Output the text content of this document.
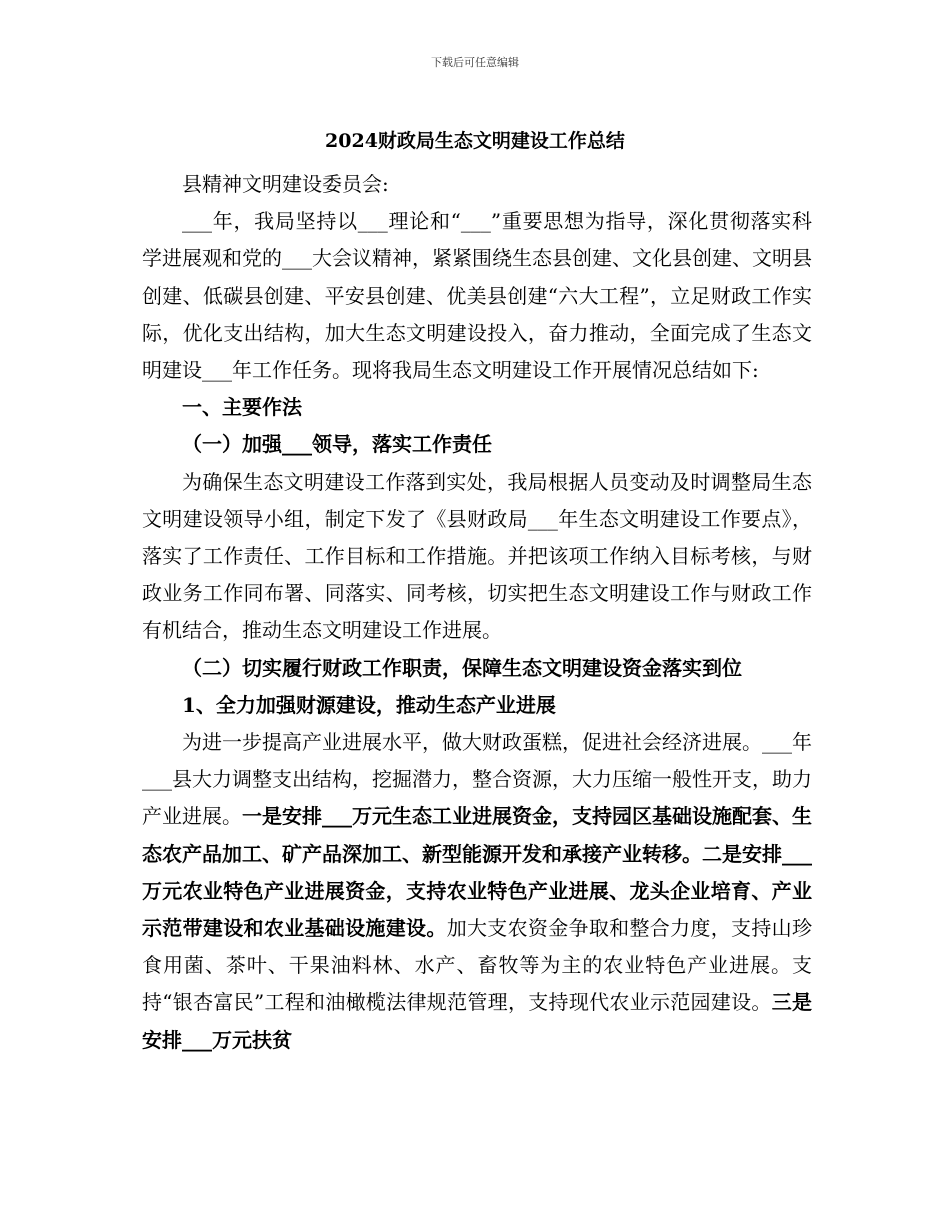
下载后可任意编辑

2024财政局生态文明建设工作总结

县精神文明建设委员会:

___年，我局坚持以___理论和“___”重要思想为指导，深化贯彻落实科学进展观和党的___大会议精神，紧紧围绕生态县创建、文化县创建、文明县创建、低碳县创建、平安县创建、优美县创建“六大工程”，立足财政工作实际，优化支出结构，加大生态文明建设投入，奋力推动，全面完成了生态文明建设___年工作任务。现将我局生态文明建设工作开展情况总结如下:

一、主要作法

（一）加强___领导，落实工作责任

为确保生态文明建设工作落到实处，我局根据人员变动及时调整局生态文明建设领导小组，制定下发了《县财政局___年生态文明建设工作要点》，落实了工作责任、工作目标和工作措施。并把该项工作纳入目标考核，与财政业务工作同布署、同落实、同考核，切实把生态文明建设工作与财政工作有机结合，推动生态文明建设工作进展。

（二）切实履行财政工作职责，保障生态文明建设资金落实到位

1、全力加强财源建设，推动生态产业进展

为进一步提高产业进展水平，做大财政蛋糕，促进社会经济进展。___年___县大力调整支出结构，挖掘潜力，整合资源，大力压缩一般性开支，助力产业进展。一是安排___万元生态工业进展资金，支持园区基础设施配套、生态农产品加工、矿产品深加工、新型能源开发和承接产业转移。二是安排___万元农业特色产业进展资金，支持农业特色产业进展、龙头企业培育、产业示范带建设和农业基础设施建设。加大支农资金争取和整合力度，支持山珍食用菌、茶叶、干果油料林、水产、畜牧等为主的农业特色产业进展。支持“银杏富民”工程和油橄榄法律规范管理，支持现代农业示范园建设。三是安排___万元扶贫
